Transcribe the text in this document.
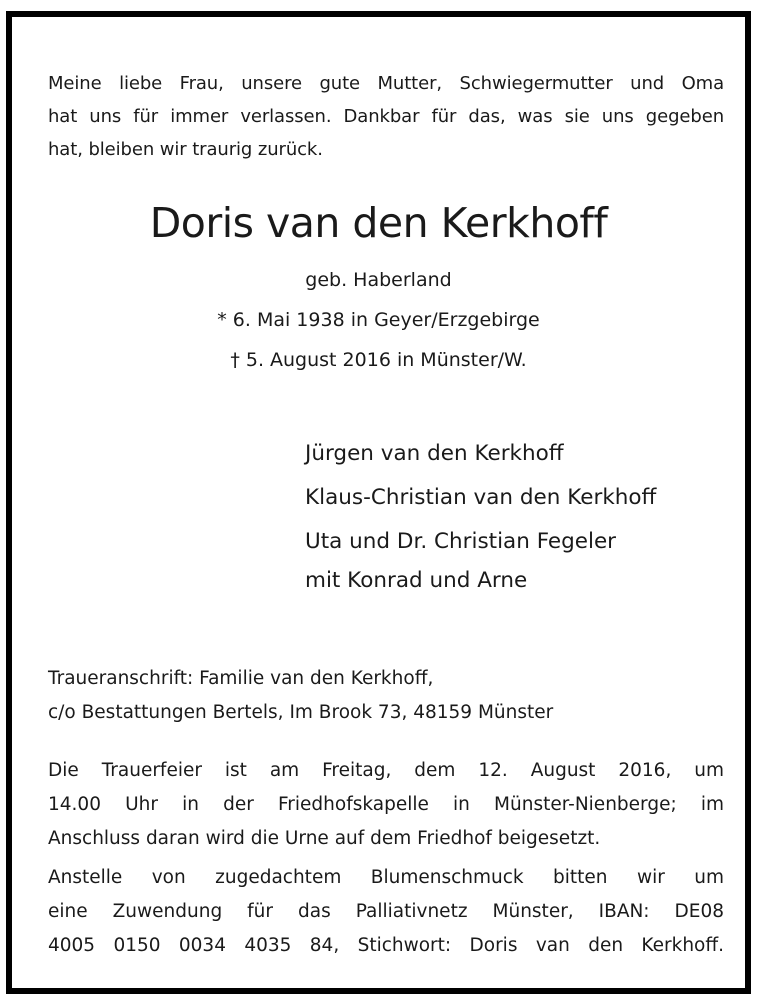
Meine liebe Frau, unsere gute Mutter, Schwiegermutter und Oma
hat uns für immer verlassen. Dankbar für das, was sie uns gegeben
hat, bleiben wir traurig zurück.
Doris van den Kerkhoff
geb. Haberland
* 6. Mai 1938 in Geyer/Erzgebirge
† 5. August 2016 in Münster/W.
Jürgen van den Kerkhoff
Klaus-Christian van den Kerkhoff
Uta und Dr. Christian Fegeler
mit Konrad und Arne
Traueranschrift: Familie van den Kerkhoff,
c/o Bestattungen Bertels, Im Brook 73, 48159 Münster
Die Trauerfeier ist am Freitag, dem 12. August 2016, um
14.00 Uhr in der Friedhofskapelle in Münster-Nienberge; im
Anschluss daran wird die Urne auf dem Friedhof beigesetzt.
Anstelle von zugedachtem Blumenschmuck bitten wir um
eine Zuwendung für das Palliativnetz Münster, IBAN: DE08
4005 0150 0034 4035 84, Stichwort: Doris van den Kerkhoff.
